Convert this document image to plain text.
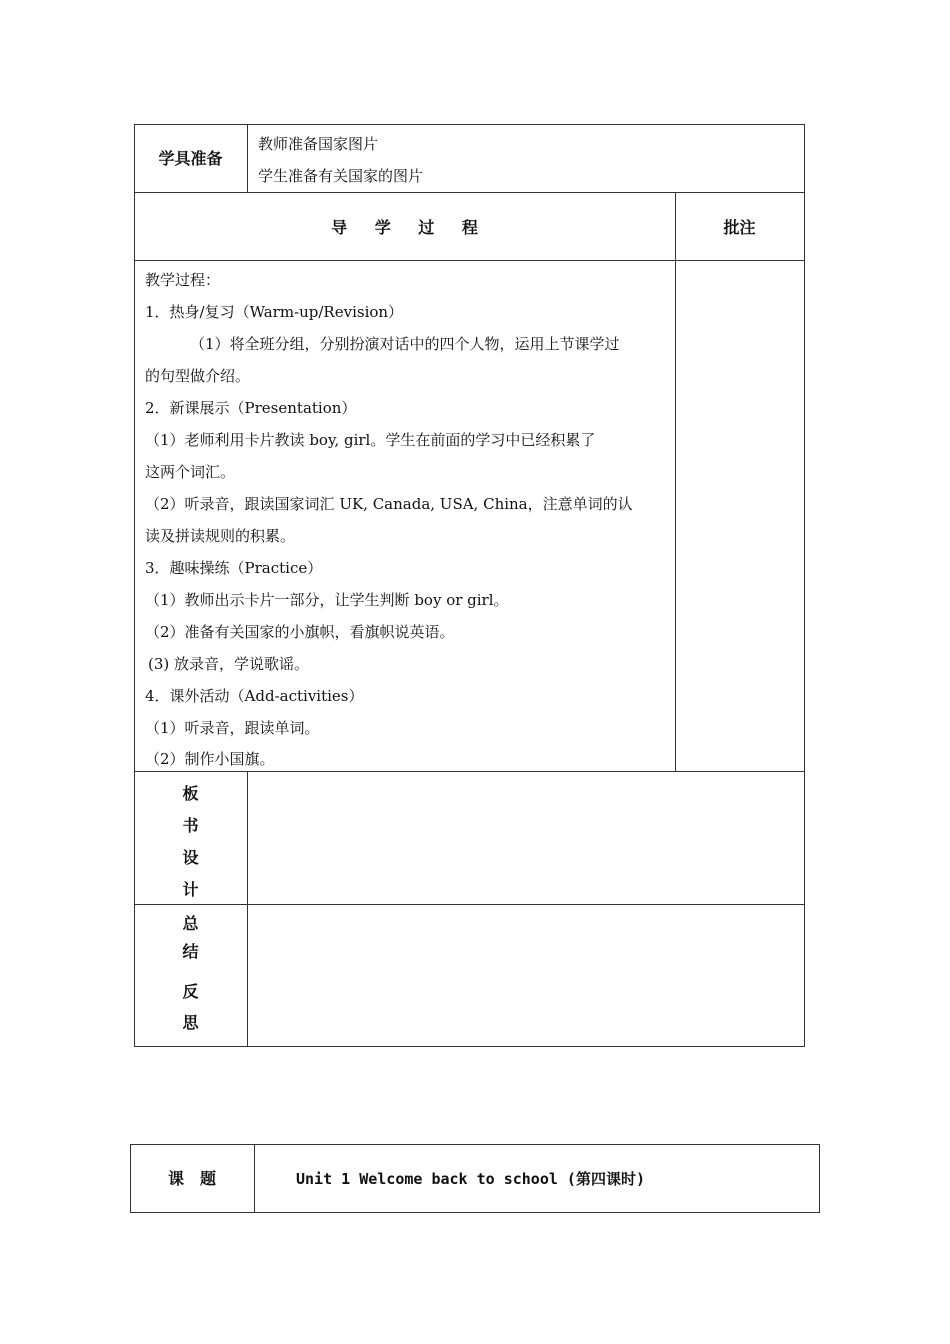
学具准备
教师准备国家图片
学生准备有关国家的图片
导 学 过 程	批注
教学过程：
1．热身/复习（Warm-up/Revision）
（1）将全班分组，分别扮演对话中的四个人物，运用上节课学过
的句型做介绍。
2．新课展示（Presentation）
（1）老师利用卡片教读 boy, girl。学生在前面的学习中已经积累了
这两个词汇。
（2）听录音，跟读国家词汇 UK, Canada, USA, China，注意单词的认
读及拼读规则的积累。
3．趣味操练（Practice）
（1）教师出示卡片一部分，让学生判断 boy or girl。
（2）准备有关国家的小旗帜，看旗帜说英语。
(3) 放录音，学说歌谣。
4．课外活动（Add-activities）
（1）听录音，跟读单词。
（2）制作小国旗。
板
书
设
计
总
结
反
思
课　题	Unit 1 Welcome back to school (第四课时)
